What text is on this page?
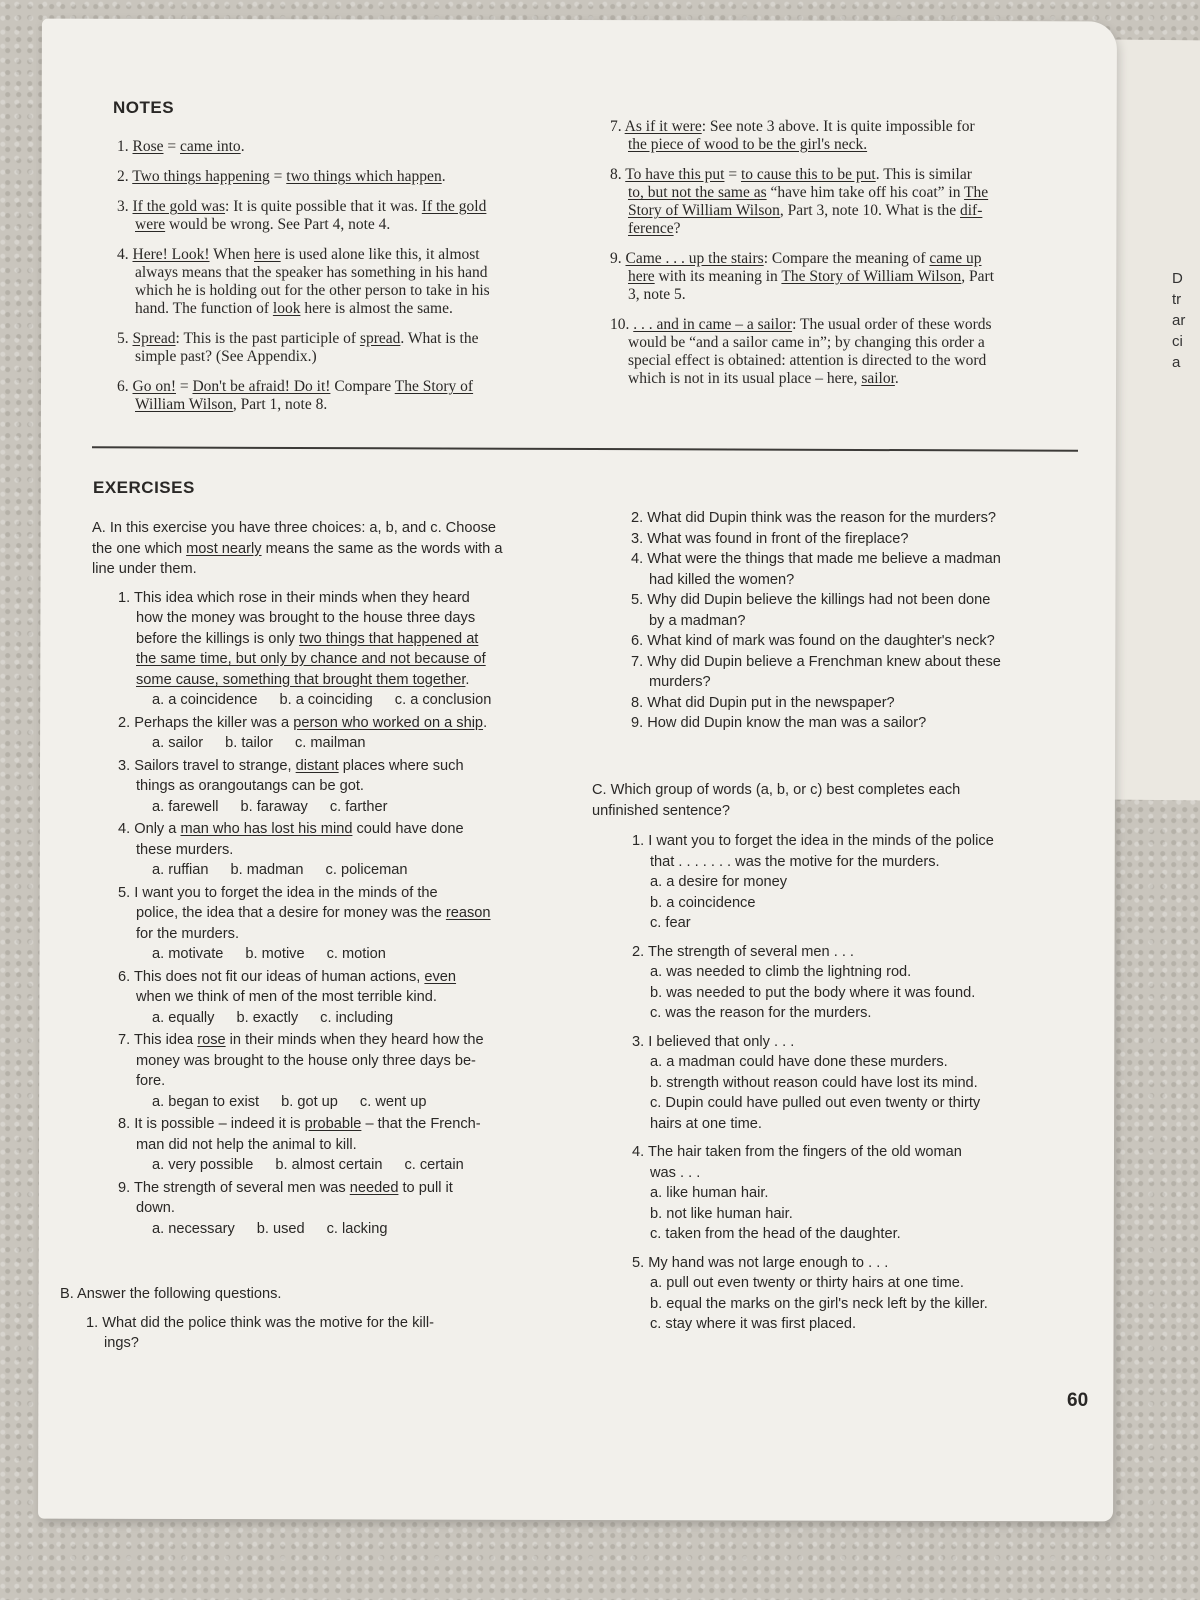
D
tr
ar
ci
a
NOTES
1. Rose = came into.
2. Two things happening = two things which happen.
3. If the gold was: It is quite possible that it was. If the gold
were would be wrong. See Part 4, note 4.
4. Here! Look! When here is used alone like this, it almost
always means that the speaker has something in his hand
which he is holding out for the other person to take in his
hand. The function of look here is almost the same.
5. Spread: This is the past participle of spread. What is the
simple past? (See Appendix.)
6. Go on! = Don't be afraid! Do it! Compare The Story of
William Wilson, Part 1, note 8.
7. As if it were: See note 3 above. It is quite impossible for
the piece of wood to be the girl's neck.
8. To have this put = to cause this to be put. This is similar
to, but not the same as “have him take off his coat” in The
Story of William Wilson, Part 3, note 10. What is the dif-
ference?
9. Came . . . up the stairs: Compare the meaning of came up
here with its meaning in The Story of William Wilson, Part
3, note 5.
10. . . . and in came – a sailor: The usual order of these words
would be “and a sailor came in”; by changing this order a
special effect is obtained: attention is directed to the word
which is not in its usual place – here, sailor.
EXERCISES
A. In this exercise you have three choices: a, b, and c. Choose
the one which most nearly means the same as the words with a
line under them.
1. This idea which rose in their minds when they heard
how the money was brought to the house three days
before the killings is only two things that happened at
the same time, but only by chance and not because of
some cause, something that brought them together.
a. a coincidence b. a coinciding c. a conclusion
2. Perhaps the killer was a person who worked on a ship.
a. sailor b. tailor c. mailman
3. Sailors travel to strange, distant places where such
things as orangoutangs can be got.
a. farewell b. faraway c. farther
4. Only a man who has lost his mind could have done
these murders.
a. ruffian b. madman c. policeman
5. I want you to forget the idea in the minds of the
police, the idea that a desire for money was the reason
for the murders.
a. motivate b. motive c. motion
6. This does not fit our ideas of human actions, even
when we think of men of the most terrible kind.
a. equally b. exactly c. including
7. This idea rose in their minds when they heard how the
money was brought to the house only three days be-
fore.
a. began to exist b. got up c. went up
8. It is possible – indeed it is probable – that the French-
man did not help the animal to kill.
a. very possible b. almost certain c. certain
9. The strength of several men was needed to pull it
down.
a. necessary b. used c. lacking
B. Answer the following questions.
1. What did the police think was the motive for the kill-
ings?
2. What did Dupin think was the reason for the murders?
3. What was found in front of the fireplace?
4. What were the things that made me believe a madman
had killed the women?
5. Why did Dupin believe the killings had not been done
by a madman?
6. What kind of mark was found on the daughter's neck?
7. Why did Dupin believe a Frenchman knew about these
murders?
8. What did Dupin put in the newspaper?
9. How did Dupin know the man was a sailor?
C. Which group of words (a, b, or c) best completes each
unfinished sentence?
1. I want you to forget the idea in the minds of the police
that . . . . . . . was the motive for the murders.
a. a desire for money
b. a coincidence
c. fear
2. The strength of several men . . .
a. was needed to climb the lightning rod.
b. was needed to put the body where it was found.
c. was the reason for the murders.
3. I believed that only . . .
a. a madman could have done these murders.
b. strength without reason could have lost its mind.
c. Dupin could have pulled out even twenty or thirty
hairs at one time.
4. The hair taken from the fingers of the old woman
was . . .
a. like human hair.
b. not like human hair.
c. taken from the head of the daughter.
5. My hand was not large enough to . . .
a. pull out even twenty or thirty hairs at one time.
b. equal the marks on the girl's neck left by the killer.
c. stay where it was first placed.
60
